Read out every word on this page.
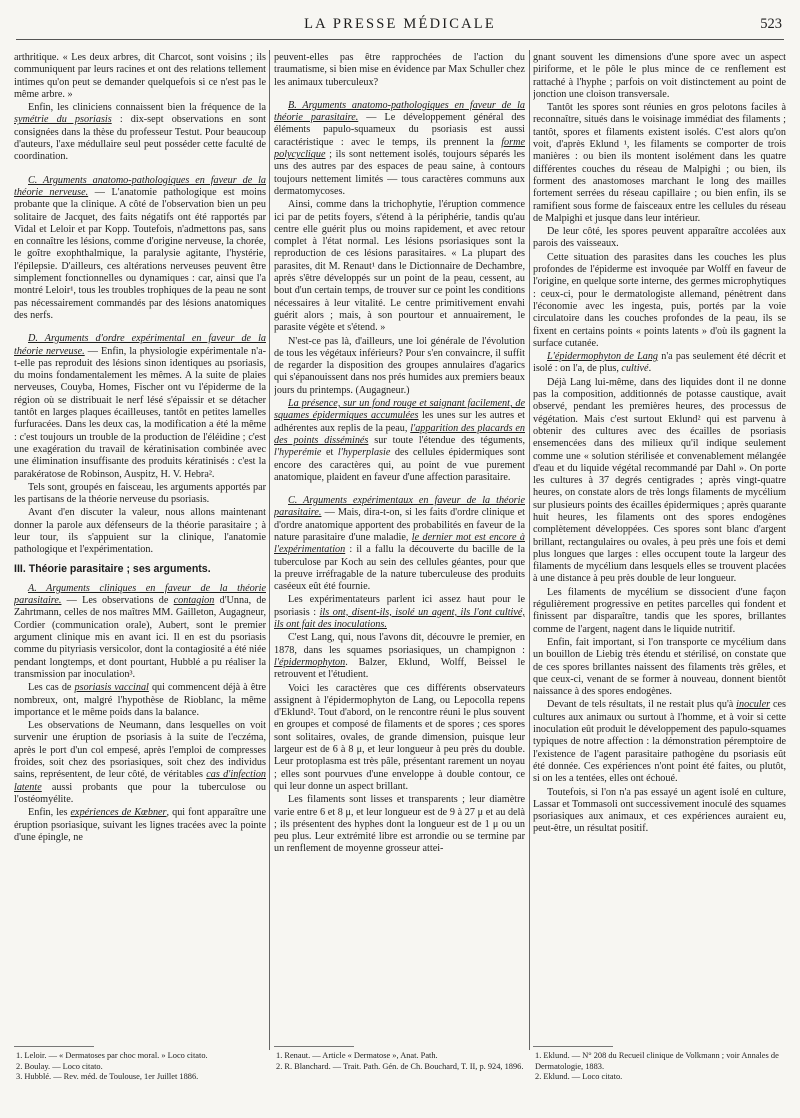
LA PRESSE MÉDICALE	523

arthritique. « Les deux arbres, dit Charcot, sont voisins ; ils communiquent par leurs racines et ont des relations tellement intimes qu'on peut se demander quelquefois si ce n'est pas le même arbre. »

Enfin, les cliniciens connaissent bien la fréquence de la symétrie du psoriasis : dix-sept observations en sont consignées dans la thèse du professeur Testut. Pour beaucoup d'auteurs, l'axe médullaire seul peut posséder cette faculté de coordination.

C. Arguments anatomo-pathologiques en faveur de la théorie nerveuse. — L'anatomie pathologique est moins probante que la clinique. A côté de l'observation bien un peu solitaire de Jacquet, des faits négatifs ont été rapportés par Vidal et Leloir et par Kopp. Toutefois, n'admettons pas, sans en connaître les lésions, comme d'origine nerveuse, la chorée, le goître exophthalmique, la paralysie agitante, l'hystérie, l'épilepsie. D'ailleurs, ces altérations nerveuses peuvent être simplement fonctionnelles ou dynamiques : car, ainsi que l'a montré Leloir¹, tous les troubles trophiques de la peau ne sont pas nécessairement commandés par des lésions anatomiques des nerfs.

D. Arguments d'ordre expérimental en faveur de la théorie nerveuse. — Enfin, la physiologie expérimentale n'a-t-elle pas reproduit des lésions sinon identiques au psoriasis, du moins fondamentalement les mêmes. A la suite de plaies nerveuses, Couyba, Homes, Fischer ont vu l'épiderme de la région où se distribuait le nerf lésé s'épaissir et se détacher tantôt en larges plaques écailleuses, tantôt en petites lamelles furfuracées. Dans les deux cas, la modification a été la même : c'est toujours un trouble de la production de l'éléidine ; c'est une exagération du travail de kératinisation combinée avec une élimination insuffisante des produits kératinisés : c'est la parakératose de Robinson, Auspitz, H. V. Hebra².

Tels sont, groupés en faisceau, les arguments apportés par les partisans de la théorie nerveuse du psoriasis.

Avant d'en discuter la valeur, nous allons maintenant donner la parole aux défenseurs de la théorie parasitaire ; à leur tour, ils s'appuient sur la clinique, l'anatomie pathologique et l'expérimentation.

III. Théorie parasitaire ; ses arguments.

A. Arguments cliniques en faveur de la théorie parasitaire. — Les observations de contagion d'Unna, de Zahrtmann, celles de nos maîtres MM. Gailleton, Augagneur, Cordier (communication orale), Aubert, sont le premier argument clinique mis en avant ici. Il en est du psoriasis comme du pityriasis versicolor, dont la contagiosité a été niée pendant longtemps, et dont pourtant, Hubblé a pu réaliser la transmission par inoculation³.

Les cas de psoriasis vaccinal qui commencent déjà à être nombreux, ont, malgré l'hypothèse de Rioblanc, la même importance et le même poids dans la balance.

Les observations de Neumann, dans lesquelles on voit survenir une éruption de psoriasis à la suite de l'eczéma, après le port d'un col empesé, après l'emploi de compresses froides, soit chez des psoriasiques, soit chez des individus sains, représentent, de leur côté, de véritables cas d'infection latente aussi probants que pour la tuberculose ou l'ostéomyélite.

Enfin, les expériences de Kœbner, qui font apparaître une éruption psoriasique, suivant les lignes tracées avec la pointe d'une épingle, ne

peuvent-elles pas être rapprochées de l'action du traumatisme, si bien mise en évidence par Max Schuller chez les animaux tuberculeux?

B. Arguments anatomo-pathologiques en faveur de la théorie parasitaire. — Le développement général des éléments papulo-squameux du psoriasis est aussi caractéristique : avec le temps, ils prennent la forme polycyclique ; ils sont nettement isolés, toujours séparés les uns des autres par des espaces de peau saine, à contours toujours nettement limités — tous caractères communs aux dermatomycoses.

Ainsi, comme dans la trichophytie, l'éruption commence ici par de petits foyers, s'étend à la périphérie, tandis qu'au centre elle guérit plus ou moins rapidement, et avec retour complet à l'état normal. Les lésions psoriasiques sont la reproduction de ces lésions parasitaires. « La plupart des parasites, dit M. Renaut¹ dans le Dictionnaire de Dechambre, après s'être développés sur un point de la peau, cessent, au bout d'un certain temps, de trouver sur ce point les conditions nécessaires à leur vitalité. Le centre primitivement envahi guérit alors ; mais, à son pourtour et annuairement, le parasite végète et s'étend. »

N'est-ce pas là, d'ailleurs, une loi générale de l'évolution de tous les végétaux inférieurs? Pour s'en convaincre, il suffit de regarder la disposition des groupes annulaires d'agarics qui s'épanouissent dans nos prés humides aux premiers beaux jours du printemps. (Augagneur.)

La présence, sur un fond rouge et saignant facilement, de squames épidermiques accumulées les unes sur les autres et adhérentes aux replis de la peau, l'apparition des placards en des points disséminés sur toute l'étendue des téguments, l'hyperémie et l'hyperplasie des cellules épidermiques sont encore des caractères qui, au point de vue purement anatomique, plaident en faveur d'une affection parasitaire.

C. Arguments expérimentaux en faveur de la théorie parasitaire. — Mais, dira-t-on, si les faits d'ordre clinique et d'ordre anatomique apportent des probabilités en faveur de la nature parasitaire d'une maladie, le dernier mot est encore à l'expérimentation : il a fallu la découverte du bacille de la tuberculose par Koch au sein des cellules géantes, pour que la preuve irréfragable de la nature tuberculeuse des produits caséeux eût été fournie.

Les expérimentateurs parlent ici assez haut pour le psoriasis : ils ont, disent-ils, isolé un agent, ils l'ont cultivé, ils ont fait des inoculations.

C'est Lang, qui, nous l'avons dit, découvre le premier, en 1878, dans les squames psoriasiques, un champignon : l'épidermophyton. Balzer, Eklund, Wolff, Beissel le retrouvent et l'étudient.

Voici les caractères que ces différents observateurs assignent à l'épidermophyton de Lang, ou Lepocolla repens d'Eklund². Tout d'abord, on le rencontre réuni le plus souvent en groupes et composé de filaments et de spores ; ces spores sont solitaires, ovales, de grande dimension, puisque leur largeur est de 6 à 8 μ, et leur longueur à peu près du double. Leur protoplasma est très pâle, présentant rarement un noyau ; elles sont pourvues d'une enveloppe à double contour, ce qui leur donne un aspect brillant.

Les filaments sont lisses et transparents ; leur diamètre varie entre 6 et 8 μ, et leur longueur est de 9 à 27 μ et au delà ; ils présentent des hyphes dont la longueur est de 1 μ ou un peu plus. Leur extrémité libre est arrondie ou se termine par un renflement de moyenne grosseur attei-

gnant souvent les dimensions d'une spore avec un aspect piriforme, et le pôle le plus mince de ce renflement est rattaché à l'hyphe ; parfois on voit distinctement au point de jonction une cloison transversale.

Tantôt les spores sont réunies en gros pelotons faciles à reconnaître, situés dans le voisinage immédiat des filaments ; tantôt, spores et filaments existent isolés. C'est alors qu'on voit, d'après Eklund ¹, les filaments se comporter de trois manières : ou bien ils montent isolément dans les quatre différentes couches du réseau de Malpighi ; ou bien, ils forment des anastomoses marchant le long des mailles fortement serrées du réseau capillaire ; ou bien enfin, ils se ramifient sous forme de faisceaux entre les cellules du réseau de Malpighi et jusque dans leur intérieur.

De leur côté, les spores peuvent apparaître accolées aux parois des vaisseaux.

Cette situation des parasites dans les couches les plus profondes de l'épiderme est invoquée par Wolff en faveur de l'origine, en quelque sorte interne, des germes microphytiques : ceux-ci, pour le dermatologiste allemand, pénètrent dans l'économie avec les ingesta, puis, portés par la voie circulatoire dans les couches profondes de la peau, ils se fixent en certains points « points latents » d'où ils gagnent la surface cutanée.

L'épidermophyton de Lang n'a pas seulement été décrit et isolé : on l'a, de plus, cultivé.

Déjà Lang lui-même, dans des liquides dont il ne donne pas la composition, additionnés de potasse caustique, avait observé, pendant les premières heures, des processus de végétation. Mais c'est surtout Eklund² qui est parvenu à obtenir des cultures avec des écailles de psoriasis ensemencées dans des milieux qu'il indique seulement comme une « solution stérilisée et convenablement mélangée d'eau et du liquide végétal recommandé par Dahl ». On porte les cultures à 37 degrés centigrades ; après vingt-quatre heures, on constate alors de très longs filaments de mycélium sur plusieurs points des écailles épidermiques ; après quarante huit heures, les filaments ont des spores endogènes complètement développées. Ces spores sont blanc d'argent brillant, rectangulaires ou ovales, à peu près une fois et demi plus longues que larges : elles occupent toute la largeur des filaments de mycélium dans lesquels elles se trouvent placées à une distance à peu près double de leur longueur.

Les filaments de mycélium se dissocient d'une façon régulièrement progressive en petites parcelles qui fondent et finissent par disparaître, tandis que les spores, brillantes comme de l'argent, nagent dans le liquide nutritif.

Enfin, fait important, si l'on transporte ce mycélium dans un bouillon de Liebig très étendu et stérilisé, on constate que de ces spores brillantes naissent des filaments très grêles, et que ceux-ci, venant de se former à nouveau, donnent bientôt naissance à des spores endogènes.

Devant de tels résultats, il ne restait plus qu'à inoculer ces cultures aux animaux ou surtout à l'homme, et à voir si cette inoculation eût produit le développement des papulo-squames typiques de notre affection : la démonstration péremptoire de l'existence de l'agent parasitaire pathogène du psoriasis eût été donnée. Ces expériences n'ont point été faites, ou plutôt, si on les a tentées, elles ont échoué.

Toutefois, si l'on n'a pas essayé un agent isolé en culture, Lassar et Tommasoli ont successivement inoculé des squames psoriasiques aux animaux, et ces expériences auraient eu, peut-être, un résultat positif.

1. Leloir. — « Dermatoses par choc moral. » Loco citato.
2. Boulay. — Loco citato.
3. Hubblé. — Rev. méd. de Toulouse, 1er Juillet 1886.
1. Renaut. — Article « Dermatose », Anat. Path.
2. R. Blanchard. — Trait. Path. Gén. de Ch. Bouchard, T. II, p. 924, 1896.
1. Eklund. — N° 208 du Recueil clinique de Volkmann ; voir Annales de Dermatologie, 1883.
2. Eklund. — Loco citato.
